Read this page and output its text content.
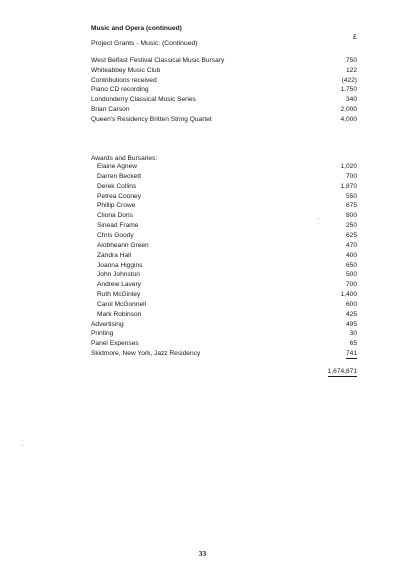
Music and Opera (continued)
£
Project Grants - Music: (Continued)
West Belfast Festival Classical Music Bursary	750
Whiteabbey Music Club	122
Contributions received	(422)
Piano CD recording	1,750
Londonderry Classical Music Series	340
Brian Carson	2,000
Queen's Residency Britten String Quartet	4,000
Awards and Bursaries:
Elaine Agnew	1,020
Darren Beckett	700
Derek Collins	1,870
Petrea Cooney	550
Phillip Crowe	675
Cliona Doris	800
Sinead Frame	250
Chris Goody	625
Aiobheann Green	470
Zandra Hall	400
Joanna Higgins	650
John Johnston	500
Andrew Lavery	700
Ruth McGinley	1,400
Carol McGonnell	600
Mark Robinson	425
Advertising	495
Printing	30
Panel Expenses	65
Skidmore, New York, Jazz Residency	741
1,674,871
33
